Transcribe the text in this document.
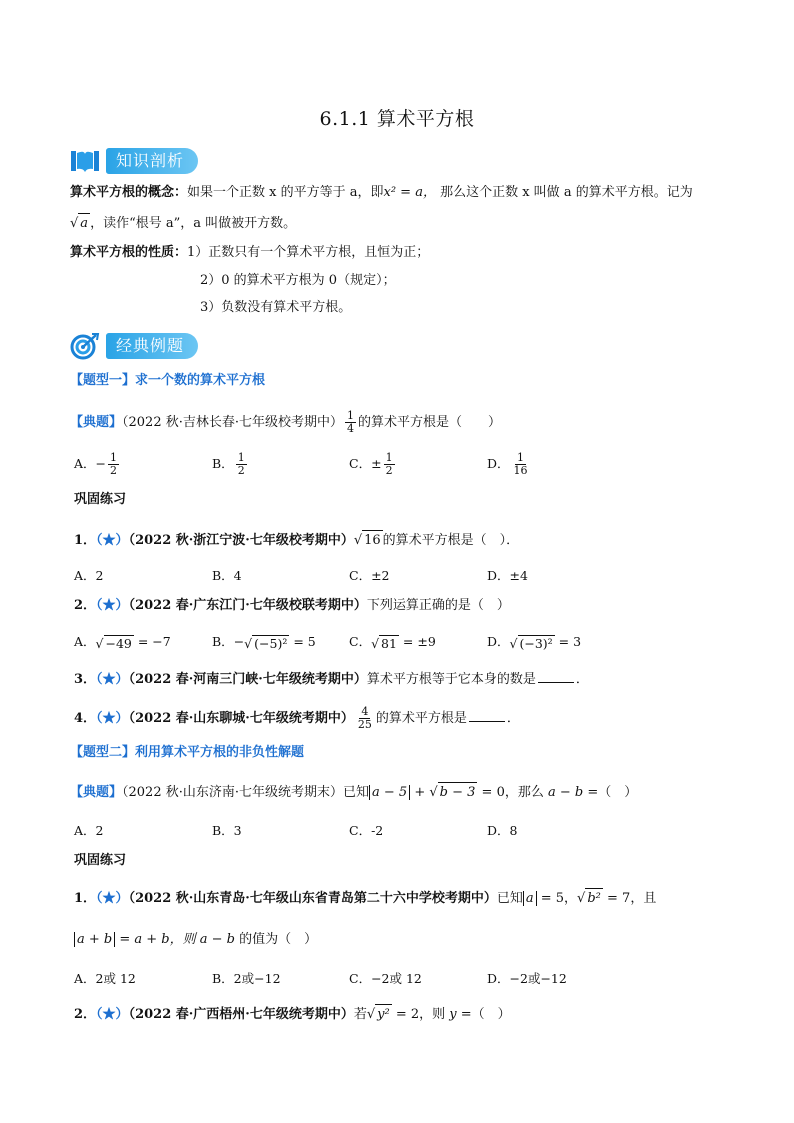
6.1.1 算术平方根
知识剖析
算术平方根的概念：如果一个正数 x 的平方等于 a，即x² = a， 那么这个正数 x 叫做 a 的算术平方根。记为
√ a ，读作“根号 a”，a 叫做被开方数。
算术平方根的性质：1）正数只有一个算术平方根，且恒为正；
2）0 的算术平方根为 0（规定）；
3）负数没有算术平方根。
经典例题
【题型一】求一个数的算术平方根
【典题】（2022 秋·吉林长春·七年级校考期中） $\frac{1}{4}$ 的算术平方根是（　　）
A．− $\frac{1}{2}$	B． $\frac{1}{2}$	C．± $\frac{1}{2}$	D． $\frac{1}{16}$
巩固练习
1．（★）（2022 秋·浙江宁波·七年级校考期中）√ 16 的算术平方根是（　）．
A．2	B．4	C．±2	D．±4
2．（★）（2022 春·广东江门·七年级校联考期中）下列运算正确的是（　）
A．√ −49 = −7	B．−√ (−5)² = 5	C．√ 81 = ±9	D．√ (−3)² = 3
3．（★）（2022 春·河南三门峡·七年级统考期中）算术平方根等于它本身的数是	．
4．（★）（2022 春·山东聊城·七年级统考期中） $\frac{4}{25}$ 的算术平方根是	．
【题型二】利用算术平方根的非负性解题
【典题】（2022 秋·山东济南·七年级统考期末）已知 a − 5 + √ b − 3 = 0，那么 a − b =（　）
A．2	B．3	C．-2	D．8
巩固练习
1．（★）（2022 秋·山东青岛·七年级山东省青岛第二十六中学校考期中）已知 a = 5，√ b² = 7，且
a + b = a + b，则 a − b 的值为（　）
A．2或 12	B．2或−12	C．−2或 12	D．−2或−12
2．（★）（2022 春·广西梧州·七年级统考期中）若√ y² = 2，则 y =（　）
